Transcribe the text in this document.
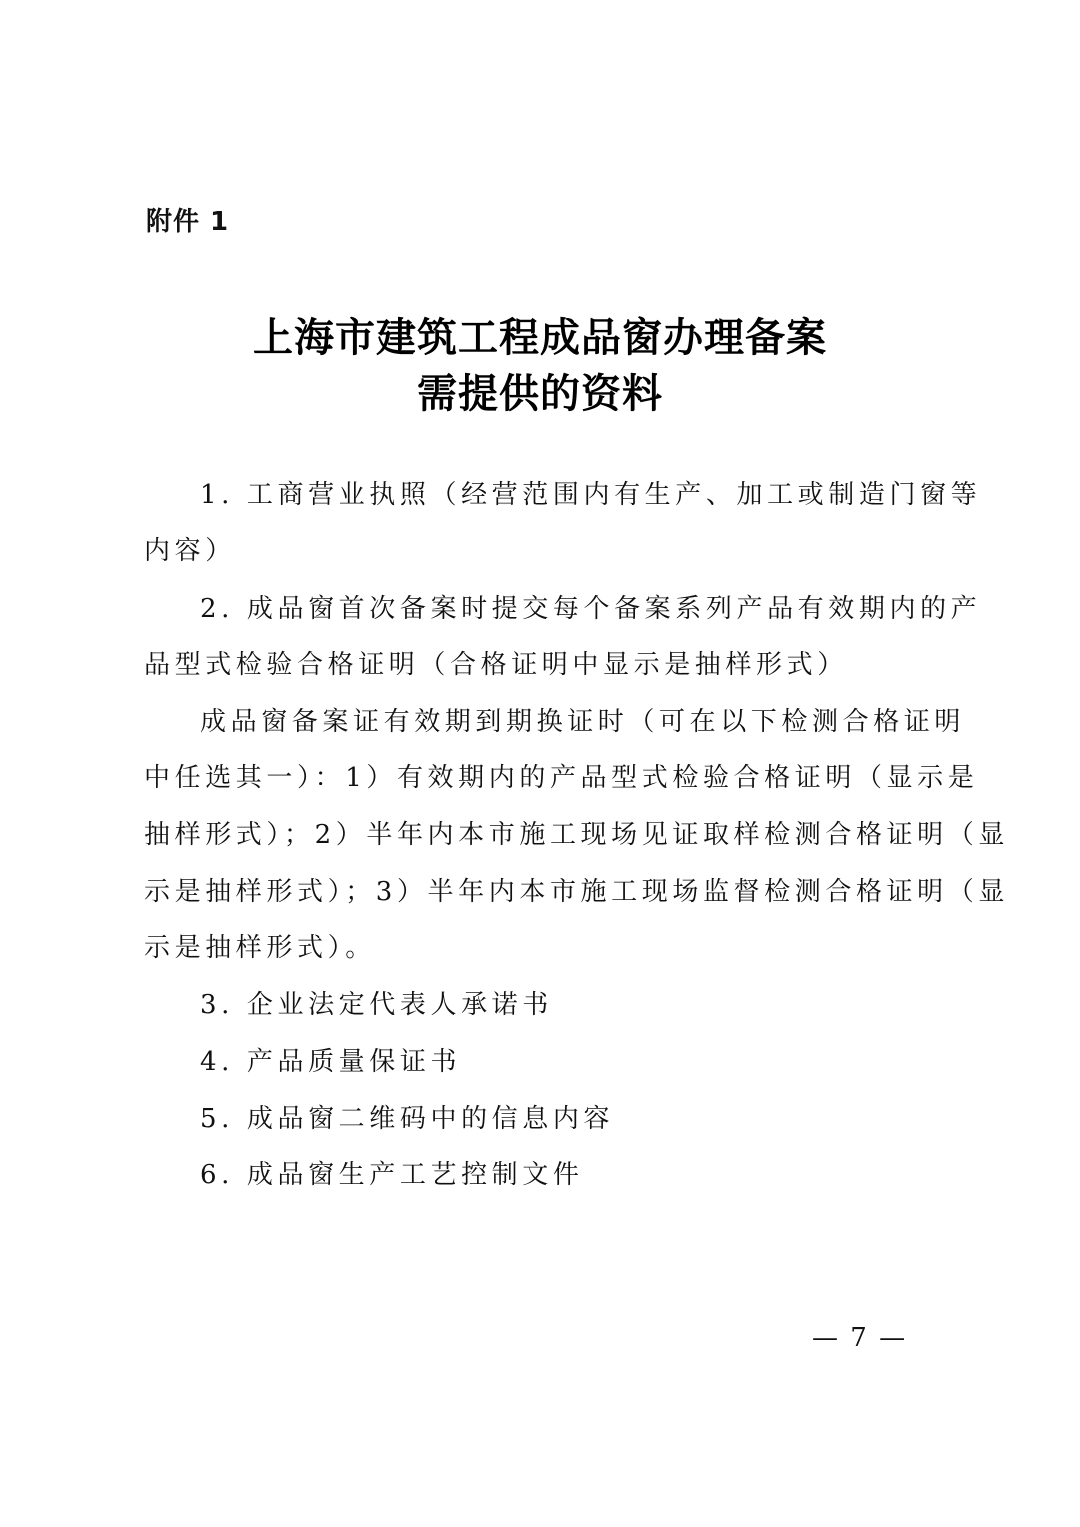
附件 1
上海市建筑工程成品窗办理备案
需提供的资料
1. 工商营业执照（经营范围内有生产、加工或制造门窗等
内容）
2. 成品窗首次备案时提交每个备案系列产品有效期内的产
品型式检验合格证明（合格证明中显示是抽样形式）
成品窗备案证有效期到期换证时（可在以下检测合格证明
中任选其一）：1）有效期内的产品型式检验合格证明（显示是
抽样形式）；2）半年内本市施工现场见证取样检测合格证明（显
示是抽样形式）；3）半年内本市施工现场监督检测合格证明（显
示是抽样形式）。
3. 企业法定代表人承诺书
4. 产品质量保证书
5. 成品窗二维码中的信息内容
6. 成品窗生产工艺控制文件
— 7 —
